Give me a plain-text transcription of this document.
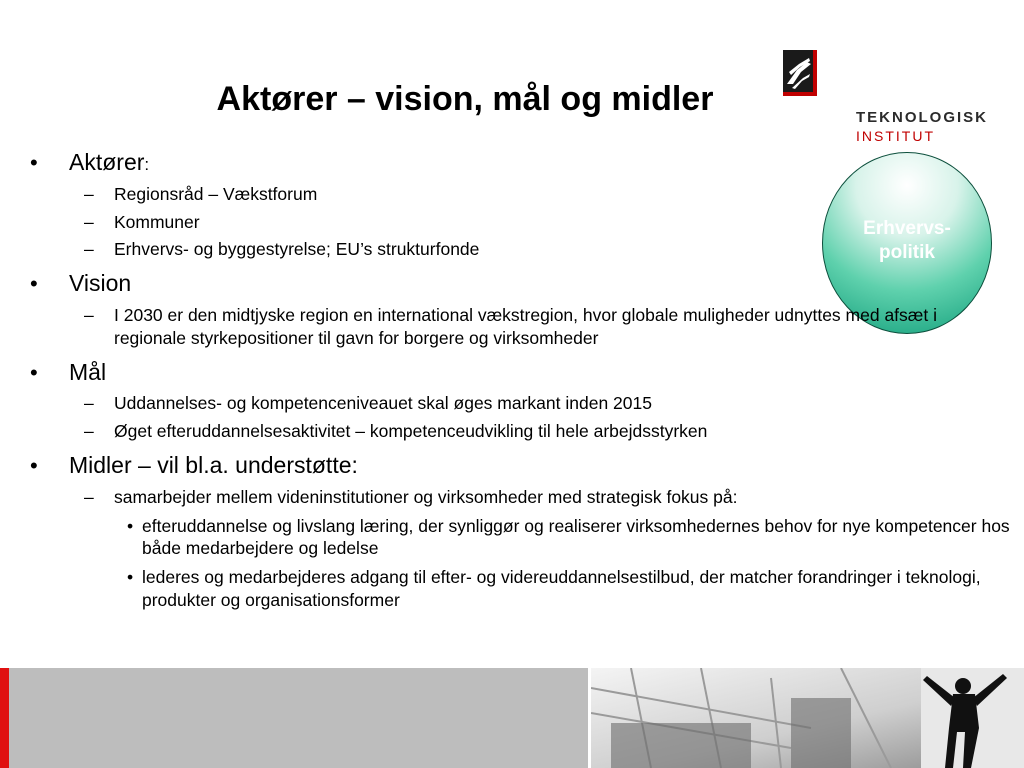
Aktører – vision, mål og midler	TEKNOLOGISK
INSTITUT
Erhvervs-
politik
• Aktører:
– Regionsråd – Vækstforum
– Kommuner
– Erhvervs- og byggestyrelse; EU’s strukturfonde
• Vision
– I 2030 er den midtjyske region en international vækstregion, hvor globale muligheder udnyttes med afsæt i regionale styrkepositioner til gavn for borgere og virksomheder
• Mål
– Uddannelses- og kompetenceniveauet skal øges markant inden 2015
– Øget efteruddannelsesaktivitet – kompetenceudvikling til hele arbejdsstyrken
• Midler – vil bl.a. understøtte:
– samarbejder mellem videninstitutioner og virksomheder med strategisk fokus på:
• efteruddannelse og livslang læring, der synliggør og realiserer virksomhedernes behov for nye kompetencer hos både medarbejdere og ledelse
• lederes og medarbejderes adgang til efter- og videreuddannelsestilbud, der matcher forandringer i teknologi, produkter og organisationsformer
